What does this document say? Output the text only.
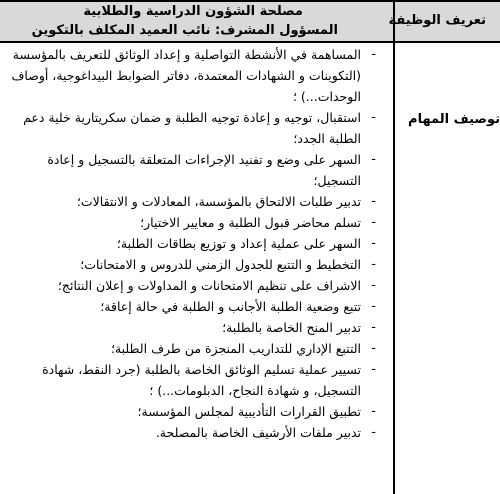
مصلحة الشؤون الدراسية والطلابية
المسؤول المشرف: نائب العميد المكلف بالتكوين
تعريف الوظيفة
توصيف المهام
-
المساهمة في الأنشطة التواصلية و إعداد الوثائق للتعريف بالمؤسسة
(التكوينات و الشهادات المعتمدة، دفاتر الضوابط البيداغوجية، أوصاف
الوحدات...) ؛
-
استقبال، توجيه و إعادة توجيه الطلبة و ضمان سكريتارية خلية دعم
الطلبة الجدد؛
-
السهر على وضع و تفنيد الإجراءات المتعلقة بالتسجيل و إعادة
التسجيل؛
-
تدبير طلبات الالتحاق بالمؤسسة، المعادلات و الانتقالات؛
-
تسلم محاضر قبول الطلبة و معايير الاختيار؛
-
السهر على عملية إعداد و توزيع بطاقات الطلبة؛
-
التخطيط و التتبع للجدول الزمني للدروس و الامتحانات؛
-
الاشراف على تنظيم الامتحانات و المداولات و إعلان النتائج؛
-
تتبع وضعية الطلبة الأجانب و الطلبة في حالة إعاقة؛
-
تدبير المنح الخاصة بالطلبة؛
-
التتبع الإداري للتداريب المنجزة من طرف الطلبة؛
-
تسيير عملية تسليم الوثائق الخاصة بالطلبة (جرد النقط، شهادة
التسجيل، و شهادة النجاح، الدبلومات...) ؛
-
تطبيق القرارات التأديبية لمجلس المؤسسة؛
-
تدبير ملفات الأرشيف الخاصة بالمصلحة.
